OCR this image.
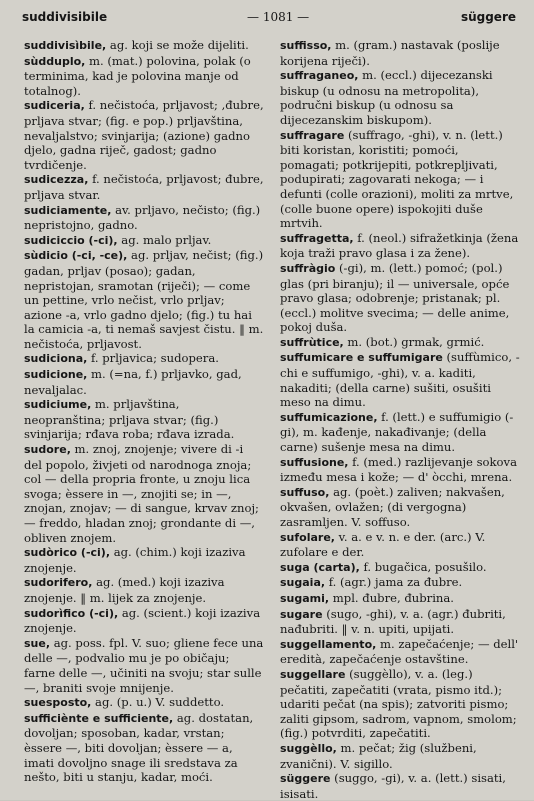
suddivisibile	— 1081 —	süggere
suddivisìbile, ag. koji se može dijeliti.
sùdduplo, m. (mat.) polovina, polak (o terminima, kad je polovina manje od totalnog).
sudiceria, f. nečistoća, prljavost; ‚đubre, prljava stvar; (fig. e pop.) prljavština, nevaljalstvo; svinjarija; (azione) gadno djelo, gadna riječ, gadost; gadno tvrdičenje.
sudicezza, f. nečistoća, prljavost; đubre, prljava stvar.
sudiciamente, av. prljavo, nečisto; (fig.) nepristojno, gadno.
sudiciccio (-ci), ag. malo prljav.
sùdicio (-ci, -ce), ag. prljav, nečist; (fig.) gadan, prljav (posao); gadan, nepristojan, sramotan (riječi); — come un pettine, vrlo nečist, vrlo prljav; azione -a, vrlo gadno djelo; (fig.) tu hai la camicia -a, ti nemaš savjest čistu. ‖ m. nečistoća, prljavost.
sudiciona, f. prljavica; sudopera.
sudicione, m. (=na, f.) prljavko, gad, nevaljalac.
sudiciume, m. prljavština, neopranština; prljava stvar; (fig.) svinjarija; rđava roba; rđava izrada.
sudore, m. znoj, znojenje; vivere di -i del popolo, živjeti od narodnoga znoja; col — della propria fronte, u znoju lica svoga; èssere in —, znojiti se; in —, znojan, znojav; — di sangue, krvav znoj; — freddo, hladan znoj; grondante di —, obliven znojem.
sudòrico (-ci), ag. (chim.) koji izaziva znojenje.
sudorifero, ag. (med.) koji izaziva znojenje. ‖ m. lijek za znojenje.
sudorìfico (-ci), ag. (scient.) koji izaziva znojenje.
sue, ag. poss. fpl. V. suo; gliene fece una delle —, podvalio mu je po običaju; farne delle —, učiniti na svoju; star sulle —, braniti svoje mnijenje.
suesposto, ag. (p. u.) V. suddetto.
sufficiènte e sufficiente, ag. dostatan, dovoljan; sposoban, kadar, vrstan; èssere —, biti dovoljan; èssere — a, imati dovoljno snage ili sredstava za nešto, biti u stanju, kadar, moći.
suffisso, m. (gram.) nastavak (poslije korijena riječi).
suffraganeo, m. (eccl.) dijecezanski biskup (u odnosu na metropolita), područni biskup (u odnosu sa dijecezanskim biskupom).
suffragare (suffrago, -ghi), v. n. (lett.) biti koristan, koristiti; pomoći, pomagati; potkrijepiti, potkrepljivati, podupirati; zagovarati nekoga; — i defunti (colle orazioni), moliti za mrtve, (colle buone opere) ispokojiti duše mrtvih.
suffragetta, f. (neol.) sifražetkinja (žena koja traži pravo glasa i za žene).
suffràgio (-gi), m. (lett.) pomoć; (pol.) glas (pri biranju); il — universale, opće pravo glasa; odobrenje; pristanak; pl. (eccl.) molitve svecima; — delle anime, pokoj duša.
suffrùtice, m. (bot.) grmak, grmić.
suffumicare e suffumigare (suffùmico, -chi e suffumigo, -ghi), v. a. kaditi, nakaditi; (della carne) sušiti, osušiti meso na dimu.
suffumicazione, f. (lett.) e suffumigio (-gi), m. kađenje, nakađivanje; (della carne) sušenje mesa na dimu.
suffusione, f. (med.) razlijevanje sokova između mesa i kože; — d' òcchi, mrena.
suffuso, ag. (poèt.) zaliven; nakvašen, okvašen, ovlažen; (di vergogna) zasramljen. V. soffuso.
sufolare, v. a. e v. n. e der. (arc.) V. zufolare e der.
suga (carta), f. bugačica, posušilo.
sugaia, f. (agr.) jama za đubre.
sugami, mpl. đubre, đubrina.
sugare (sugo, -ghi), v. a. (agr.) đubriti, nađubriti. ‖ v. n. upiti, upijati.
suggellamento, m. zapečaćenje; — dell' eredità, zapečaćenje ostavštine.
suggellare (suggèllo), v. a. (leg.) pečatiti, zapečatiti (vrata, pismo itd.); udariti pečat (na spis); zatvoriti pismo; zaliti gipsom, sadrom, vapnom, smolom; (fig.) potvrditi, zapečatiti.
suggèllo, m. pečat; žig (službeni, zvanični). V. sigillo.
süggere (suggo, -gi), v. a. (lett.) sisati, isisati.
